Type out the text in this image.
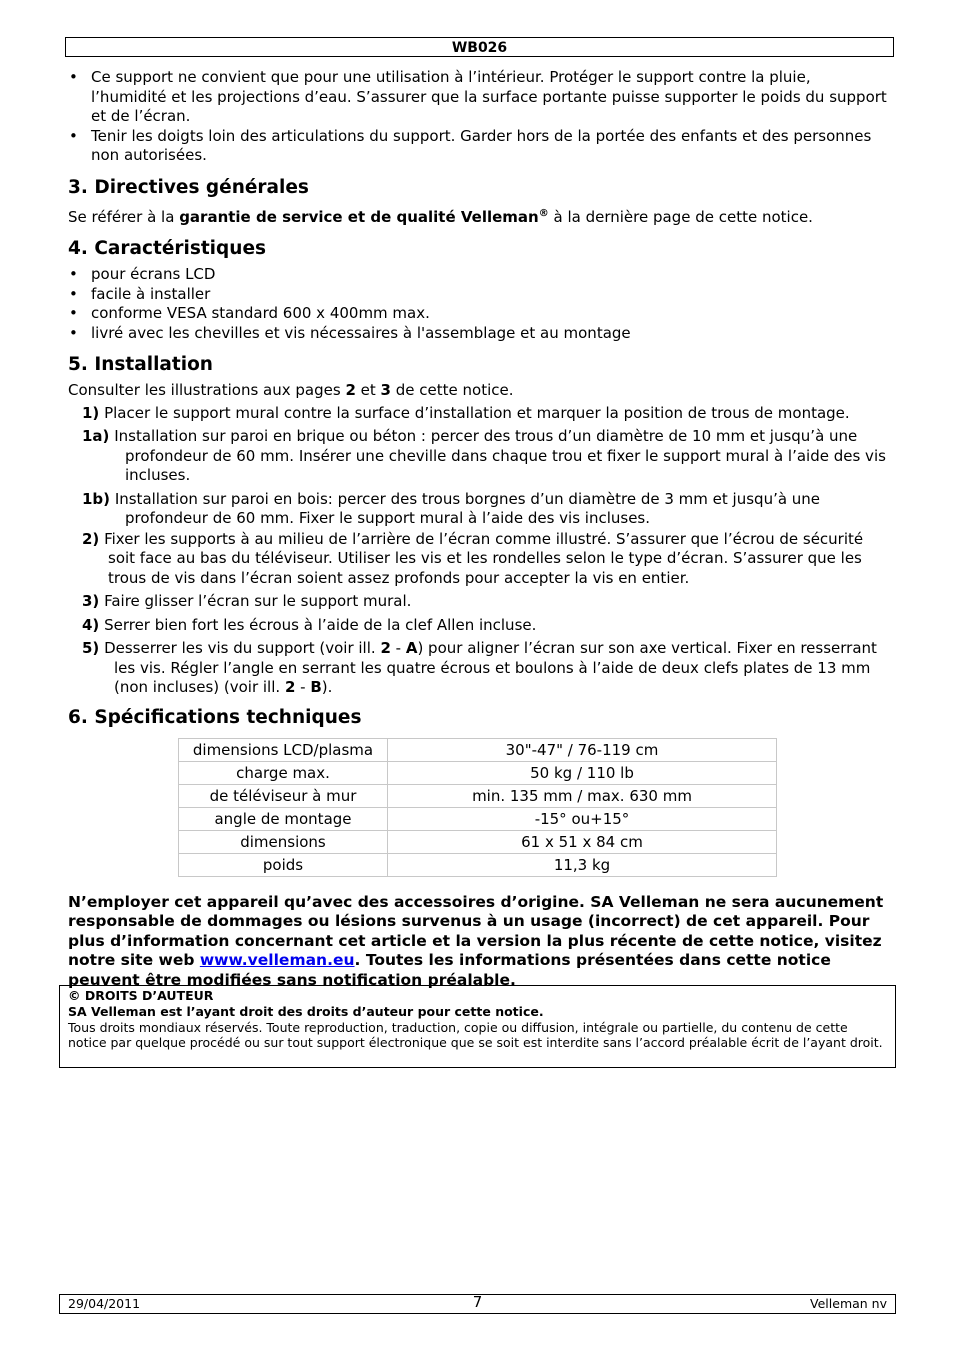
WB026
• Ce support ne convient que pour une utilisation à l’intérieur. Protéger le support contre la pluie, l’humidité et les projections d’eau. S’assurer que la surface portante puisse supporter le poids du support et de l’écran.
• Tenir les doigts loin des articulations du support. Garder hors de la portée des enfants et des personnes non autorisées.
3. Directives générales

Se référer à la garantie de service et de qualité Velleman® à la dernière page de cette notice.

4. Caractéristiques
• pour écrans LCD
• facile à installer
• conforme VESA standard 600 x 400mm max.
• livré avec les chevilles et vis nécessaires à l'assemblage et au montage
5. Installation

Consulter les illustrations aux pages 2 et 3 de cette notice.

1) Placer le support mural contre la surface d’installation et marquer la position de trous de montage.
1a) Installation sur paroi en brique ou béton : percer des trous d’un diamètre de 10 mm et jusqu’à une profondeur de 60 mm. Insérer une cheville dans chaque trou et fixer le support mural à l’aide des vis incluses.
1b) Installation sur paroi en bois: percer des trous borgnes d’un diamètre de 3 mm et jusqu’à une profondeur de 60 mm. Fixer le support mural à l’aide des vis incluses.
2) Fixer les supports à au milieu de l’arrière de l’écran comme illustré. S’assurer que l’écrou de sécurité soit face au bas du téléviseur. Utiliser les vis et les rondelles selon le type d’écran. S’assurer que les trous de vis dans l’écran soient assez profonds pour accepter la vis en entier.
3) Faire glisser l’écran sur le support mural.
4) Serrer bien fort les écrous à l’aide de la clef Allen incluse.
5) Desserrer les vis du support (voir ill. 2 - A) pour aligner l’écran sur son axe vertical. Fixer en resserrant les vis. Régler l’angle en serrant les quatre écrous et boulons à l’aide de deux clefs plates de 13 mm (non incluses) (voir ill. 2 - B).
6. Spécifications techniques
dimensions LCD/plasma	30"-47" / 76-119 cm
charge max.	50 kg / 110 lb
de téléviseur à mur	min. 135 mm / max. 630 mm
angle de montage	-15° ou+15°
dimensions	61 x 51 x 84 cm
poids	11,3 kg

N’employer cet appareil qu’avec des accessoires d’origine. SA Velleman ne sera aucunement responsable de dommages ou lésions survenus à un usage (incorrect) de cet appareil. Pour plus d’information concernant cet article et la version la plus récente de cette notice, visitez notre site web www.velleman.eu. Toutes les informations présentées dans cette notice peuvent être modifiées sans notification préalable.

© DROITS D’AUTEUR
SA Velleman est l’ayant droit des droits d’auteur pour cette notice.
Tous droits mondiaux réservés. Toute reproduction, traduction, copie ou diffusion, intégrale ou partielle, du contenu de cette notice par quelque procédé ou sur tout support électronique que se soit est interdite sans l’accord préalable écrit de l’ayant droit.
29/04/2011	7	Velleman nv
